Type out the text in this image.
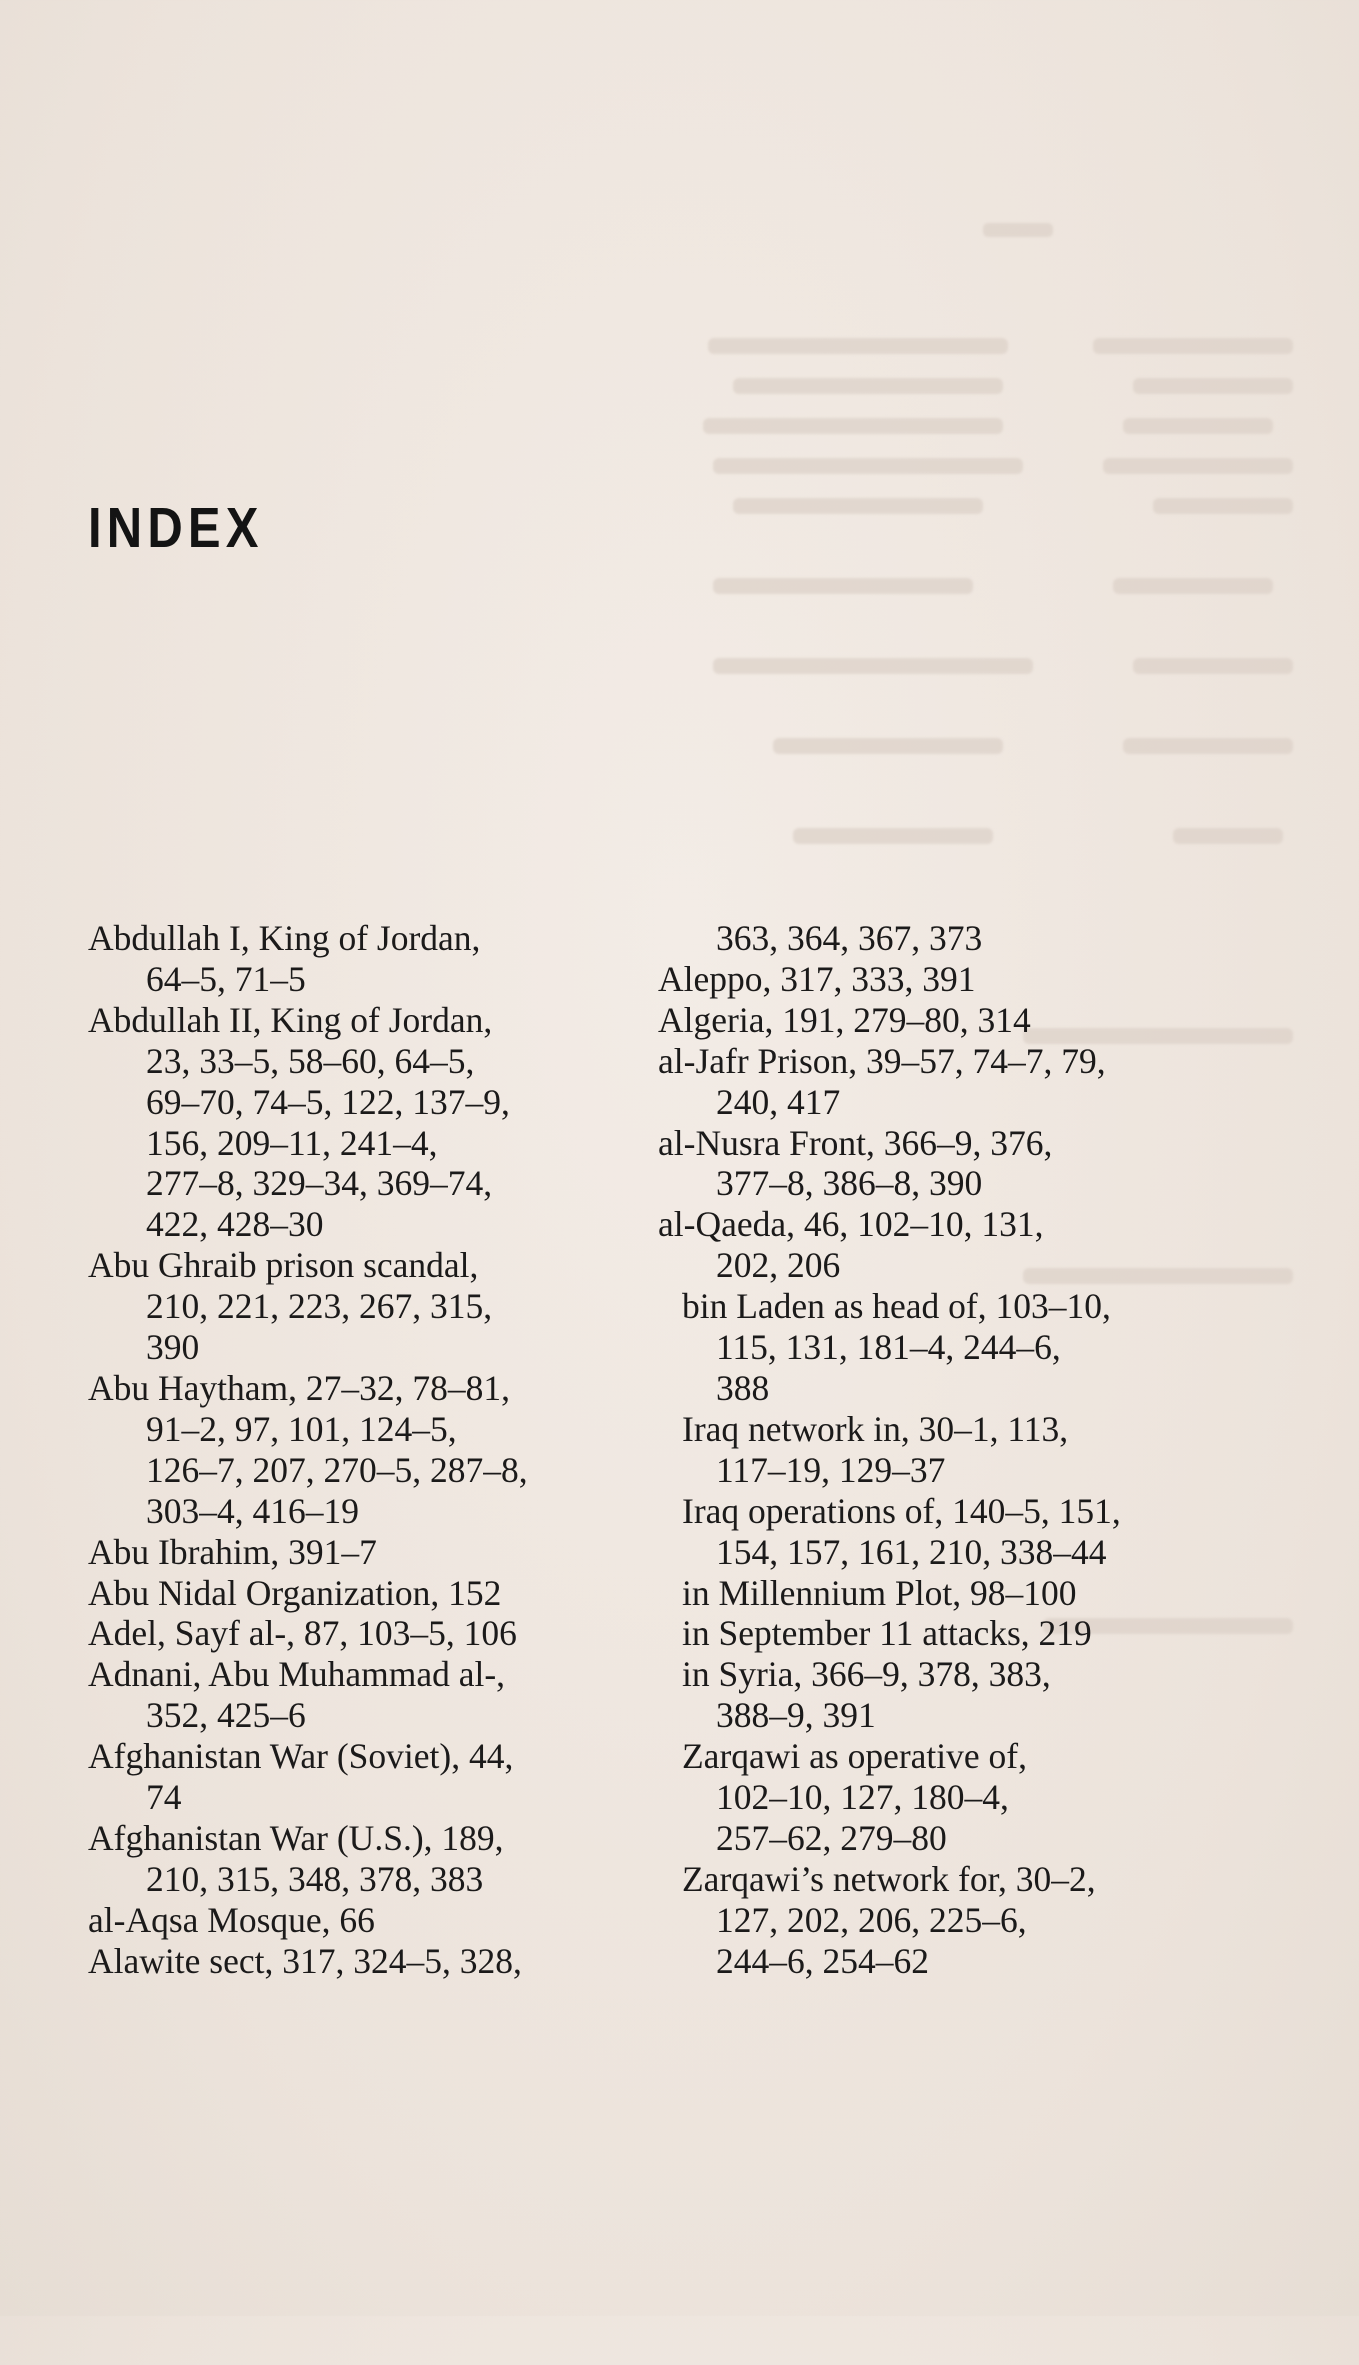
INDEX
Abdullah I, King of Jordan,
64–5, 71–5
Abdullah II, King of Jordan,
23, 33–5, 58–60, 64–5,
69–70, 74–5, 122, 137–9,
156, 209–11, 241–4,
277–8, 329–34, 369–74,
422, 428–30
Abu Ghraib prison scandal,
210, 221, 223, 267, 315,
390
Abu Haytham, 27–32, 78–81,
91–2, 97, 101, 124–5,
126–7, 207, 270–5, 287–8,
303–4, 416–19
Abu Ibrahim, 391–7
Abu Nidal Organization, 152
Adel, Sayf al-, 87, 103–5, 106
Adnani, Abu Muhammad al-,
352, 425–6
Afghanistan War (Soviet), 44,
74
Afghanistan War (U.S.), 189,
210, 315, 348, 378, 383
al-Aqsa Mosque, 66
Alawite sect, 317, 324–5, 328,
363, 364, 367, 373
Aleppo, 317, 333, 391
Algeria, 191, 279–80, 314
al-Jafr Prison, 39–57, 74–7, 79,
240, 417
al-Nusra Front, 366–9, 376,
377–8, 386–8, 390
al-Qaeda, 46, 102–10, 131,
202, 206
bin Laden as head of, 103–10,
115, 131, 181–4, 244–6,
388
Iraq network in, 30–1, 113,
117–19, 129–37
Iraq operations of, 140–5, 151,
154, 157, 161, 210, 338–44
in Millennium Plot, 98–100
in September 11 attacks, 219
in Syria, 366–9, 378, 383,
388–9, 391
Zarqawi as operative of,
102–10, 127, 180–4,
257–62, 279–80
Zarqawi’s network for, 30–2,
127, 202, 206, 225–6,
244–6, 254–62
